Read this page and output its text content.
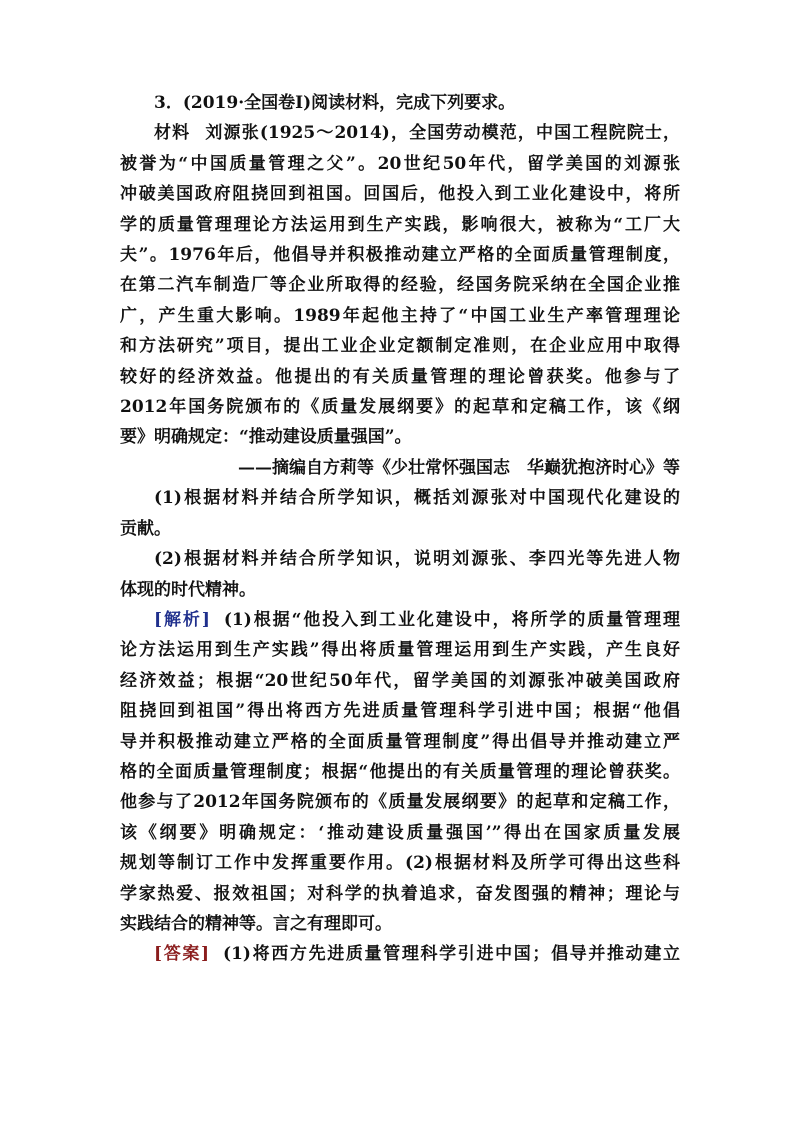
3．(2019·全国卷Ⅰ)阅读材料，完成下列要求。

材料 刘源张(1925～2014)，全国劳动模范，中国工程院院士，
被誉为“中国质量管理之父”。20世纪50年代，留学美国的刘源张
冲破美国政府阻挠回到祖国。回国后，他投入到工业化建设中，将所
学的质量管理理论方法运用到生产实践，影响很大，被称为“工厂大
夫”。1976年后，他倡导并积极推动建立严格的全面质量管理制度，
在第二汽车制造厂等企业所取得的经验，经国务院采纳在全国企业推
广，产生重大影响。1989年起他主持了“中国工业生产率管理理论
和方法研究”项目，提出工业企业定额制定准则，在企业应用中取得
较好的经济效益。他提出的有关质量管理的理论曾获奖。他参与了
2012年国务院颁布的《质量发展纲要》的起草和定稿工作，该《纲
要》明确规定：“推动建设质量强国”。
——摘编自方莉等《少壮常怀强国志　华巅犹抱济时心》等
(1)根据材料并结合所学知识，概括刘源张对中国现代化建设的
贡献。
(2)根据材料并结合所学知识，说明刘源张、李四光等先进人物
体现的时代精神。
[解析] (1)根据“他投入到工业化建设中，将所学的质量管理理
论方法运用到生产实践”得出将质量管理运用到生产实践，产生良好
经济效益；根据“20世纪50年代，留学美国的刘源张冲破美国政府
阻挠回到祖国”得出将西方先进质量管理科学引进中国；根据“他倡
导并积极推动建立严格的全面质量管理制度”得出倡导并推动建立严
格的全面质量管理制度；根据“他提出的有关质量管理的理论曾获奖。
他参与了2012年国务院颁布的《质量发展纲要》的起草和定稿工作，
该《纲要》明确规定：‘推动建设质量强国’”得出在国家质量发展
规划等制订工作中发挥重要作用。(2)根据材料及所学可得出这些科
学家热爱、报效祖国；对科学的执着追求，奋发图强的精神；理论与
实践结合的精神等。言之有理即可。
[答案] (1)将西方先进质量管理科学引进中国；倡导并推动建立
